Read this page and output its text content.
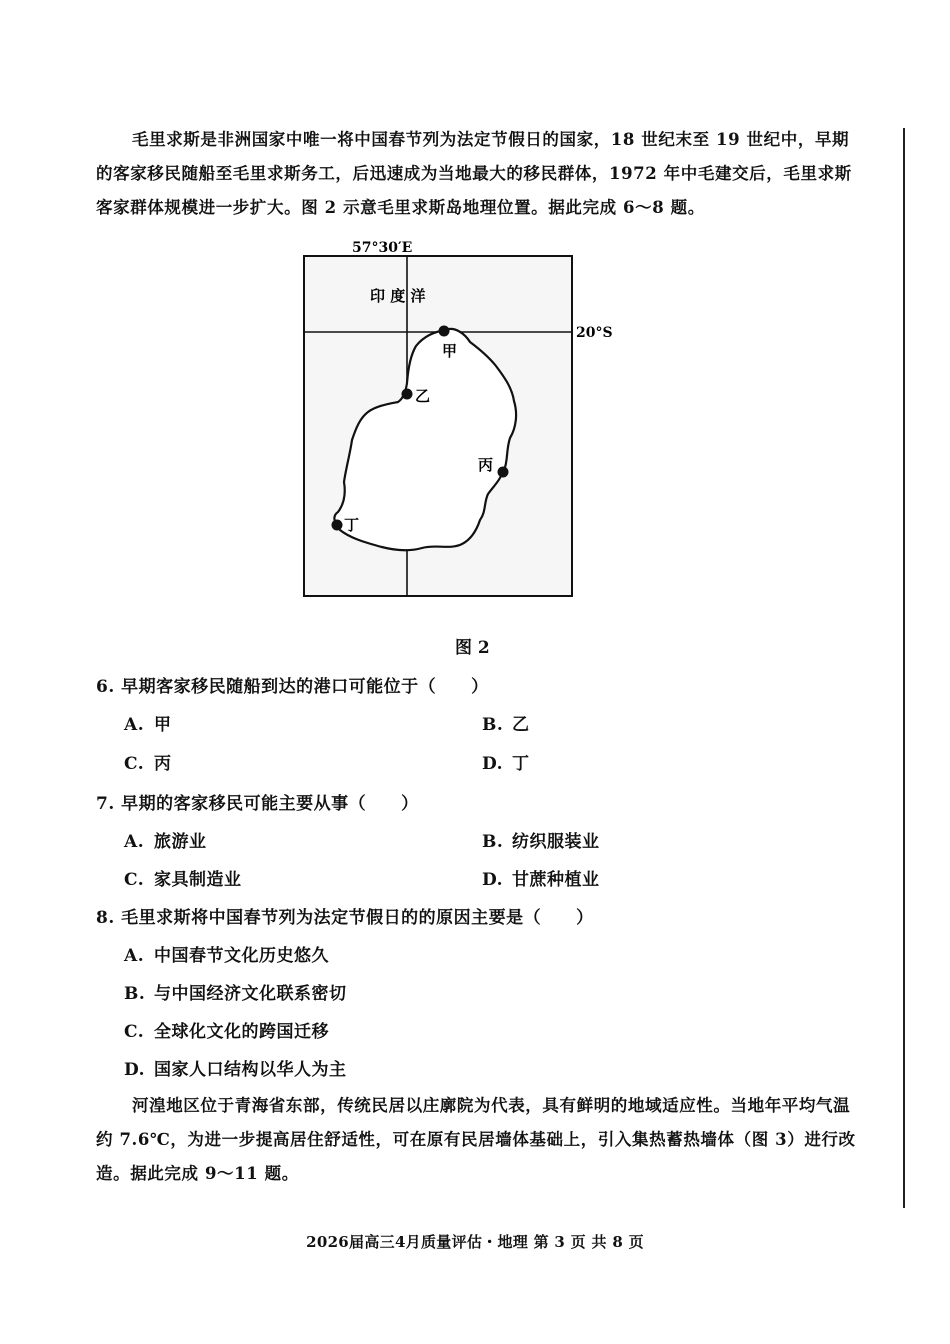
毛里求斯是非洲国家中唯一将中国春节列为法定节假日的国家，18 世纪末至 19 世纪中，早期的客家移民随船至毛里求斯务工，后迅速成为当地最大的移民群体，1972 年中毛建交后，毛里求斯客家群体规模进一步扩大。图 2 示意毛里求斯岛地理位置。据此完成 6～8 题。
57°30′E
20°S
印 度 洋
甲
乙
丙
丁
图 2
6. 早期客家移民随船到达的港口可能位于（　　）
A. 甲	B. 乙
C. 丙	D. 丁
7. 早期的客家移民可能主要从事（　　）
A. 旅游业	B. 纺织服装业
C. 家具制造业	D. 甘蔗种植业
8. 毛里求斯将中国春节列为法定节假日的的原因主要是（　　）
A. 中国春节文化历史悠久
B. 与中国经济文化联系密切
C. 全球化文化的跨国迁移
D. 国家人口结构以华人为主
河湟地区位于青海省东部，传统民居以庄廓院为代表，具有鲜明的地域适应性。当地年平均气温约 7.6℃，为进一步提高居住舒适性，可在原有民居墙体基础上，引入集热蓄热墙体（图 3）进行改造。据此完成 9～11 题。
2026届高三4月质量评估・地理 第 3 页 共 8 页
